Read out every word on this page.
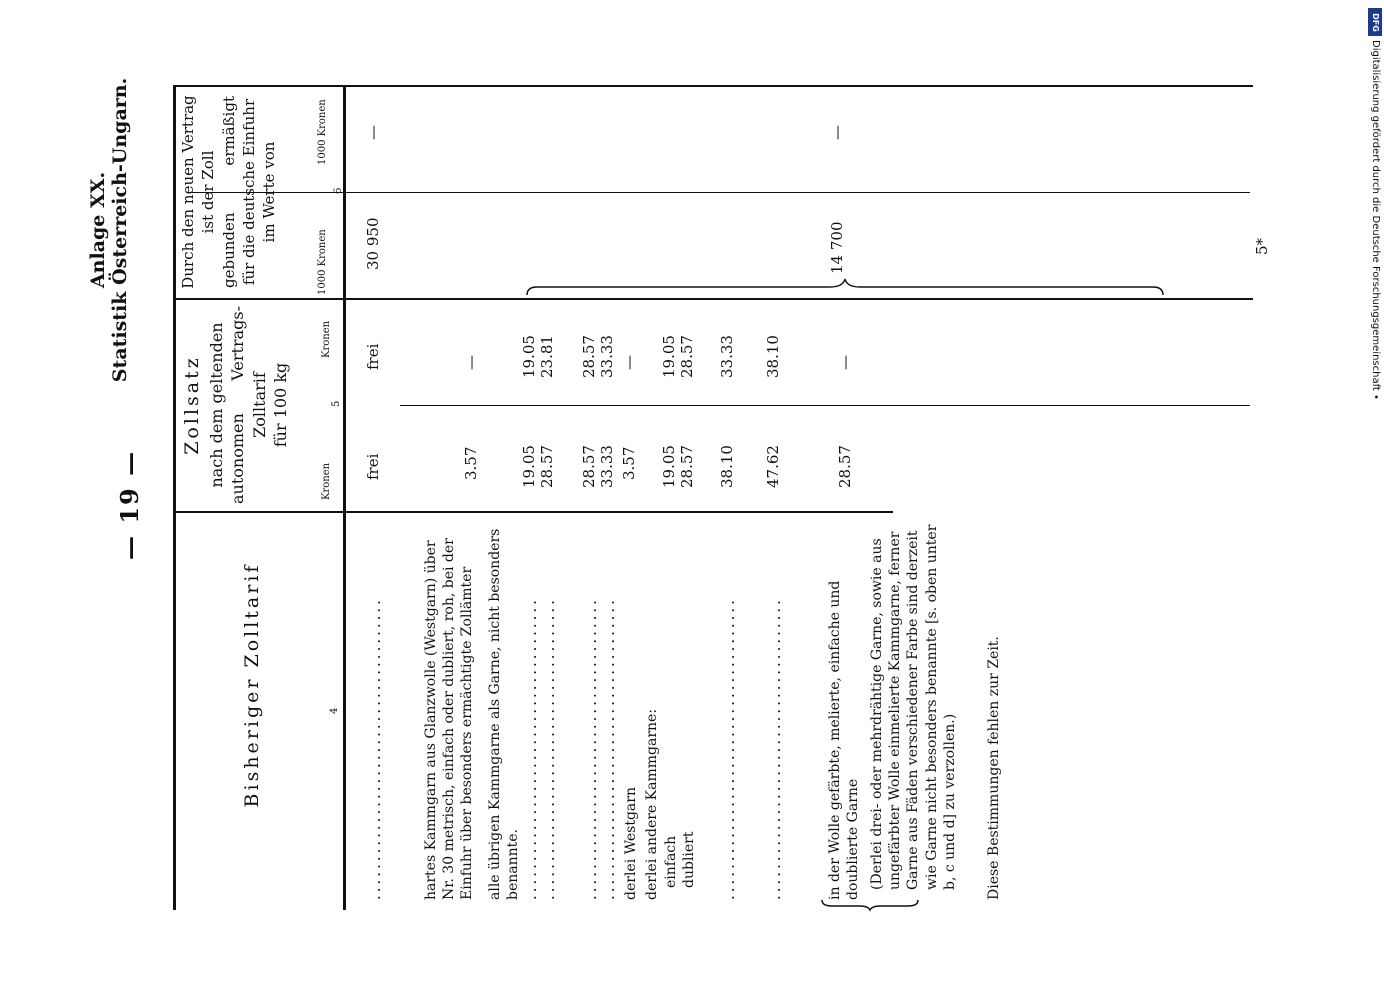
— 19 —
Anlage XX. Statistik Österreich-Ungarn.
Bisheriger Zolltarif	4
Zollsatz nach dem geltenden autonomen
Vertrags-
Zolltarif für 100 kg
Kronen
Kronen
5
Durch den neuen Vertrag ist der Zoll
gebunden
ermäßigt für die deutsche Einfuhr im Werte von
1000 Kronen
1000 Kronen
6
.......................................
frei
frei
30 950
—
hartes Kammgarn aus Glanzwolle (Westgarn) über Nr. 30 metrisch, einfach oder dubliert, roh, bei der Einfuhr über besonders ermächtigte Zollämter
3.57
—
alle übrigen Kammgarne als Garne, nicht besonders benannte. .......................................
19.05
19.05
28.57
23.81
....................................... .......................................
28.57
28.57
.......................................
33.33
33.33
derlei Westgarn
3.57
—
derlei andere Kammgarne: einfach
19.05
19.05
dubliert
28.57
28.57
.......................................
38.10
33.33
.......................................
47.62
38.10
in der Wolle gefärbte, melierte, einfache und doublierte Garne
28.57
—
14 700
—
(Derlei drei- oder mehrdrähtige Garne, sowie aus ungefärbter Wolle einmelierte Kammgarne, ferner Garne aus Fäden verschiedener Farbe sind derzeit wie Garne nicht besonders benannte [s. oben unter b, c und d] zu verzollen.) Diese Bestimmungen fehlen zur Zeit.
5*
DFG
Digitalisierung gefördert durch die Deutsche Forschungsgemeinschaft •
